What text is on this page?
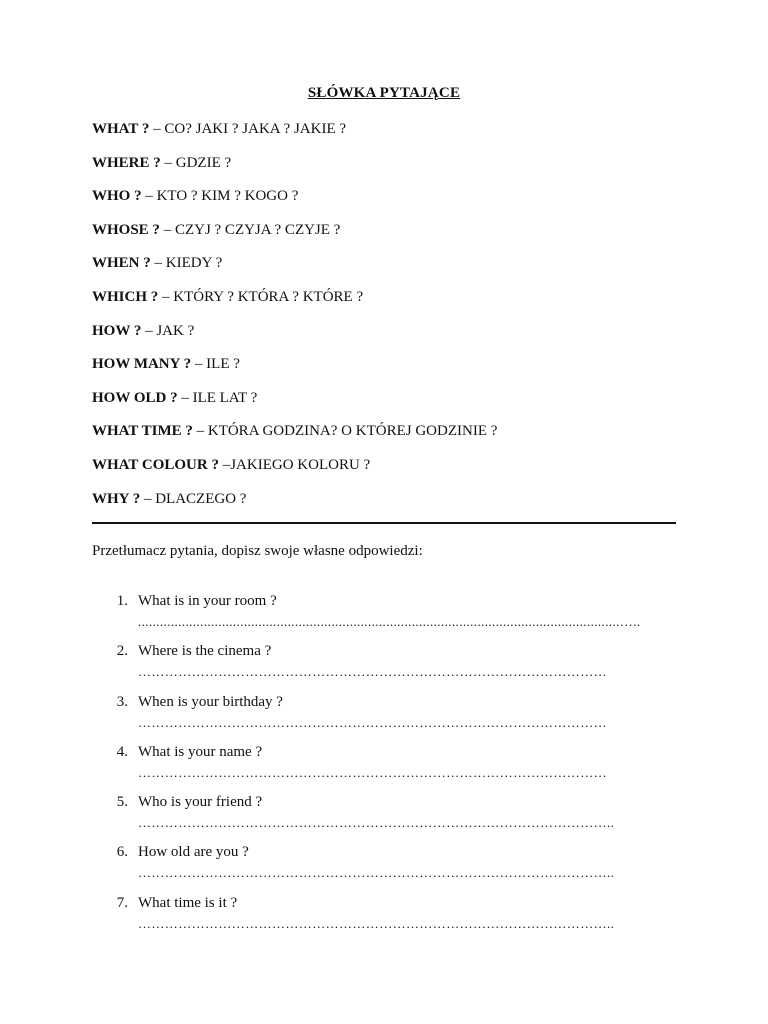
SŁÓWKA PYTAJĄCE
WHAT ? – CO? JAKI ? JAKA ? JAKIE ?
WHERE ? – GDZIE ?
WHO ? – KTO ? KIM ? KOGO ?
WHOSE ? – CZYJ ? CZYJA ? CZYJE ?
WHEN ? – KIEDY ?
WHICH ? – KTÓRY ? KTÓRA ? KTÓRE ?
HOW ? – JAK ?
HOW MANY ? – ILE ?
HOW OLD ? – ILE LAT ?
WHAT TIME ? – KTÓRA GODZINA? O KTÓREJ GODZINIE ?
WHAT COLOUR ? –JAKIEGO KOLORU ?
WHY ? – DLACZEGO ?
Przetłumacz pytania, dopisz swoje własne odpowiedzi:
1. What is in your room ?
....................................................................................................................................…..
2. Where is the cinema ?
……………………………………………………………………………………………
3. When is your birthday ?
……………………………………………………………………………………………
4. What is your name ?
……………………………………………………………………………………………
5. Who is your friend ?
……………………………………………………………………………………………..
6. How old are you ?
……………………………………………………………………………………………..
7. What time is it ?
……………………………………………………………………………………………..
